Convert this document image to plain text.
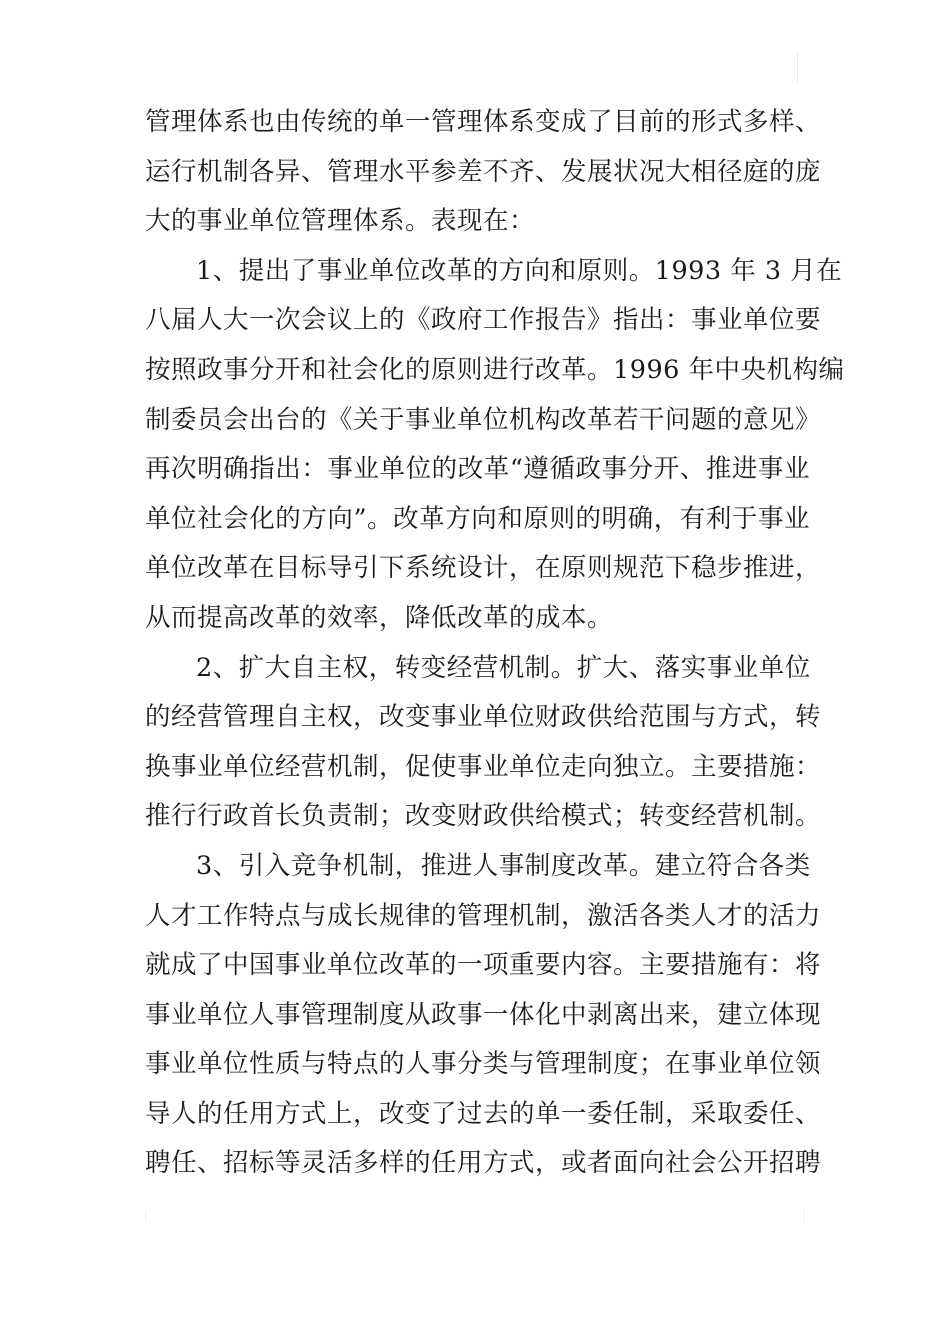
管理体系也由传统的单一管理体系变成了目前的形式多样、
运行机制各异、管理水平参差不齐、发展状况大相径庭的庞
大的事业单位管理体系。表现在：
1、提出了事业单位改革的方向和原则。1993 年 3 月在
八届人大一次会议上的《政府工作报告》指出：事业单位要
按照政事分开和社会化的原则进行改革。1996 年中央机构编
制委员会出台的《关于事业单位机构改革若干问题的意见》
再次明确指出：事业单位的改革“遵循政事分开、推进事业
单位社会化的方向”。改革方向和原则的明确，有利于事业
单位改革在目标导引下系统设计，在原则规范下稳步推进，
从而提高改革的效率，降低改革的成本。
2、扩大自主权，转变经营机制。扩大、落实事业单位
的经营管理自主权，改变事业单位财政供给范围与方式，转
换事业单位经营机制，促使事业单位走向独立。主要措施：
推行行政首长负责制；改变财政供给模式；转变经营机制。
3、引入竞争机制，推进人事制度改革。建立符合各类
人才工作特点与成长规律的管理机制，激活各类人才的活力
就成了中国事业单位改革的一项重要内容。主要措施有：将
事业单位人事管理制度从政事一体化中剥离出来，建立体现
事业单位性质与特点的人事分类与管理制度；在事业单位领
导人的任用方式上，改变了过去的单一委任制，采取委任、
聘任、招标等灵活多样的任用方式，或者面向社会公开招聘
